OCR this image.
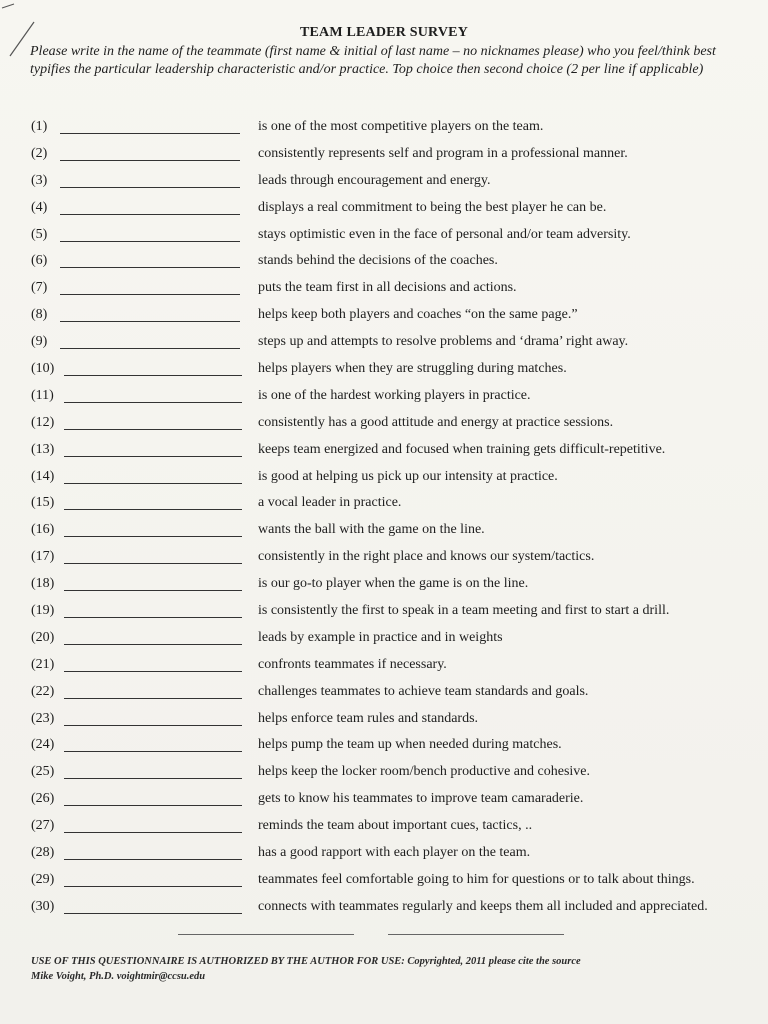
TEAM LEADER SURVEY
Please write in the name of the teammate (first name & initial of last name – no nicknames please) who you feel/think best typifies the particular leadership characteristic and/or practice. Top choice then second choice (2 per line if applicable)
(1)	is one of the most competitive players on the team.
(2)	consistently represents self and program in a professional manner.
(3)	leads through encouragement and energy.
(4)	displays a real commitment to being the best player he can be.
(5)	stays optimistic even in the face of personal and/or team adversity.
(6)	stands behind the decisions of the coaches.
(7)	puts the team first in all decisions and actions.
(8)	helps keep both players and coaches “on the same page.”
(9)	steps up and attempts to resolve problems and ‘drama’ right away.
(10)	helps players when they are struggling during matches.
(11)	is one of the hardest working players in practice.
(12)	consistently has a good attitude and energy at practice sessions.
(13)	keeps team energized and focused when training gets difficult-repetitive.
(14)	is good at helping us pick up our intensity at practice.
(15)	a vocal leader in practice.
(16)	wants the ball with the game on the line.
(17)	consistently in the right place and knows our system/tactics.
(18)	is our go-to player when the game is on the line.
(19)	is consistently the first to speak in a team meeting and first to start a drill.
(20)	leads by example in practice and in weights
(21)	confronts teammates if necessary.
(22)	challenges teammates to achieve team standards and goals.
(23)	helps enforce team rules and standards.
(24)	helps pump the team up when needed during matches.
(25)	helps keep the locker room/bench productive and cohesive.
(26)	gets to know his teammates to improve team camaraderie.
(27)	reminds the team about important cues, tactics, ..
(28)	has a good rapport with each player on the team.
(29)	teammates feel comfortable going to him for questions or to talk about things.
(30)	connects with teammates regularly and keeps them all included and appreciated.
USE OF THIS QUESTIONNAIRE IS AUTHORIZED BY THE AUTHOR FOR USE: Copyrighted, 2011 please cite the source
Mike Voight, Ph.D. voightmir@ccsu.edu
